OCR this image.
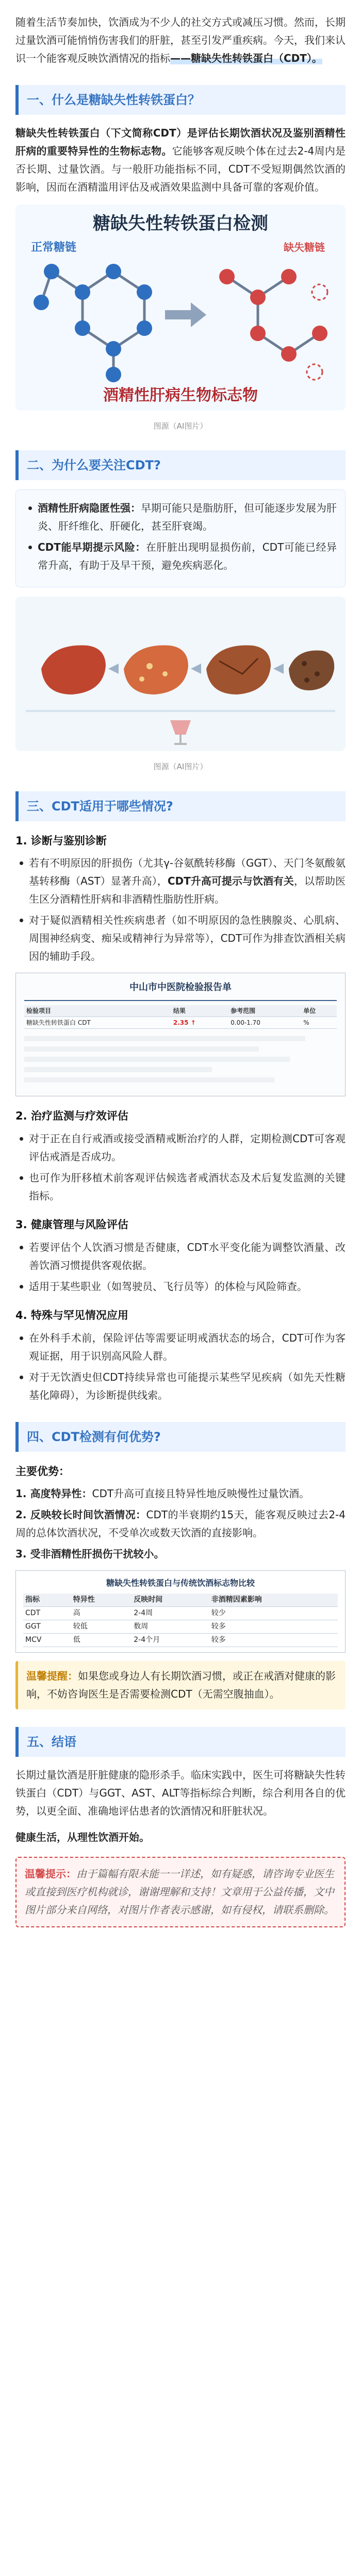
随着生活节奏加快，饮酒成为不少人的社交方式或减压习惯。然而，长期过量饮酒可能悄悄伤害我们的肝脏，甚至引发严重疾病。今天，我们来认识一个能客观反映饮酒情况的指标——糖缺失性转铁蛋白（CDT）。

一、什么是糖缺失性转铁蛋白？

糖缺失性转铁蛋白（下文简称CDT）是评估长期饮酒状况及鉴别酒精性肝病的重要特异性的生物标志物。它能够客观反映个体在过去2-4周内是否长期、过量饮酒。与一般肝功能指标不同，CDT不受短期偶然饮酒的影响，因而在酒精滥用评估及戒酒效果监测中具备可靠的客观价值。

糖缺失性转铁蛋白检测
正常糖链	缺失糖链
酒精性肝病生物标志物
图源（AI图片）
二、为什么要关注CDT?
酒精性肝病隐匿性强：早期可能只是脂肪肝，但可能逐步发展为肝炎、肝纤维化、肝硬化，甚至肝衰竭。
CDT能早期提示风险：在肝脏出现明显损伤前，CDT可能已经异常升高，有助于及早干预，避免疾病恶化。
图源（AI图片）
三、CDT适用于哪些情况?
1. 诊断与鉴别诊断
若有不明原因的肝损伤（尤其γ-谷氨酰转移酶（GGT）、天门冬氨酸氨基转移酶（AST）显著升高），CDT升高可提示与饮酒有关，以帮助医生区分酒精性肝病和非酒精性脂肪性肝病。
对于疑似酒精相关性疾病患者（如不明原因的急性胰腺炎、心肌病、周围神经病变、痴呆或精神行为异常等），CDT可作为排查饮酒相关病因的辅助手段。
中山市中医院检验报告单
检验项目	结果	参考范围	单位
糖缺失性转铁蛋白 CDT	2.35 ↑	0.00-1.70	%
2. 治疗监测与疗效评估
对于正在自行戒酒或接受酒精戒断治疗的人群，定期检测CDT可客观评估戒酒是否成功。
也可作为肝移植术前客观评估候选者戒酒状态及术后复发监测的关键指标。
3. 健康管理与风险评估
若要评估个人饮酒习惯是否健康，CDT水平变化能为调整饮酒量、改善饮酒习惯提供客观依据。
适用于某些职业（如驾驶员、飞行员等）的体检与风险筛查。
4. 特殊与罕见情况应用
在外科手术前，保险评估等需要证明戒酒状态的场合，CDT可作为客观证据，用于识别高风险人群。
对于无饮酒史但CDT持续异常也可能提示某些罕见疾病（如先天性糖基化障碍），为诊断提供线索。
四、CDT检测有何优势?
主要优势：
1. 高度特异性：CDT升高可直接且特异性地反映慢性过量饮酒。
2. 反映较长时间饮酒情况：CDT的半衰期约15天，能客观反映过去2-4周的总体饮酒状况，不受单次或数天饮酒的直接影响。
3. 受非酒精性肝损伤干扰较小。
糖缺失性转铁蛋白与传统饮酒标志物比较
指标	特异性	反映时间	非酒精因素影响
CDT	高	2-4周	较少
GGT	较低	数周	较多
MCV	低	2-4个月	较多
温馨提醒：如果您或身边人有长期饮酒习惯，或正在戒酒对健康的影响，不妨咨询医生是否需要检测CDT（无需空腹抽血）。
五、结语

长期过量饮酒是肝脏健康的隐形杀手。临床实践中，医生可将糖缺失性转铁蛋白（CDT）与GGT、AST、ALT等指标综合判断，综合利用各自的优势，以更全面、准确地评估患者的饮酒情况和肝脏状况。

健康生活，从理性饮酒开始。

温馨提示：由于篇幅有限未能一一详述，如有疑惑，请咨询专业医生或直接到医疗机构就诊，谢谢理解和支持！文章用于公益传播，文中图片部分来自网络，对图片作者表示感谢，如有侵权，请联系删除。
